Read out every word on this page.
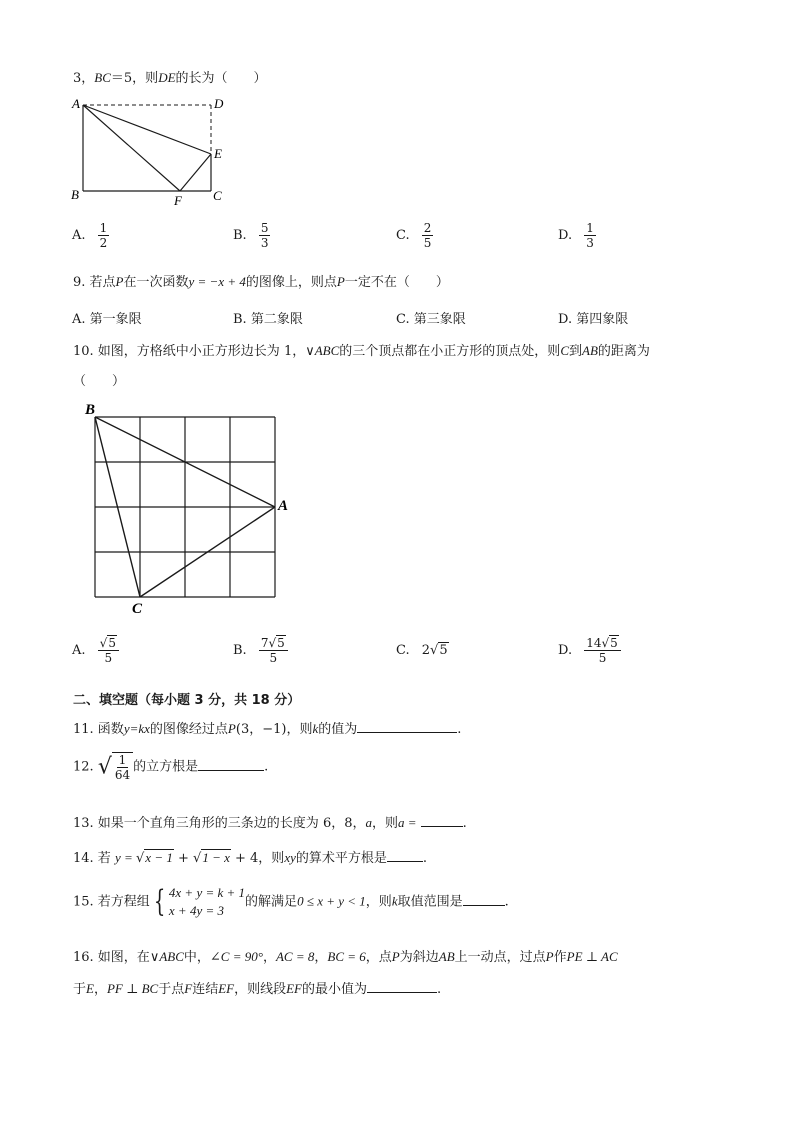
3，BC＝5，则DE的长为（　　）
A	D
E
B	C
F
A. $\frac{1}{2}$	B. $\frac{5}{3}$	C. $\frac{2}{5}$	D. $\frac{1}{3}$
9. 若点P在一次函数y = −x + 4的图像上，则点P一定不在（　　）
A. 第一象限	B. 第二象限	C. 第三象限	D. 第四象限
10. 如图，方格纸中小正方形边长为 1，∨ABC的三个顶点都在小正方形的顶点处，则C到AB的距离为
（　　）
B
A
C
A. $\frac{√5}{5}$	B. $\frac{7√5}{5}$	C. 2√5	D. $\frac{14√5}{5}$
二、填空题（每小题 3 分，共 18 分）
11. 函数y=kx的图像经过点P(3，−1)，则k的值为	.
12. √ $\frac{1}{64}$ 的立方根是	.
13. 如果一个直角三角形的三条边的长度为 6，8，a，则a =	.
14. 若 y = √x − 1 + √1 − x + 4，则xy的算术平方根是	.
15. 若方程组 { 4x + y = k + 1
x + 4y = 3
的解满足0 ≤ x + y < 1，则k取值范围是	.
16. 如图，在∨ABC中，∠C = 90°，AC = 8，BC = 6，点P为斜边AB上一动点，过点P作PE ⊥ AC
于E，PF ⊥ BC于点F连结EF，则线段EF的最小值为	.
